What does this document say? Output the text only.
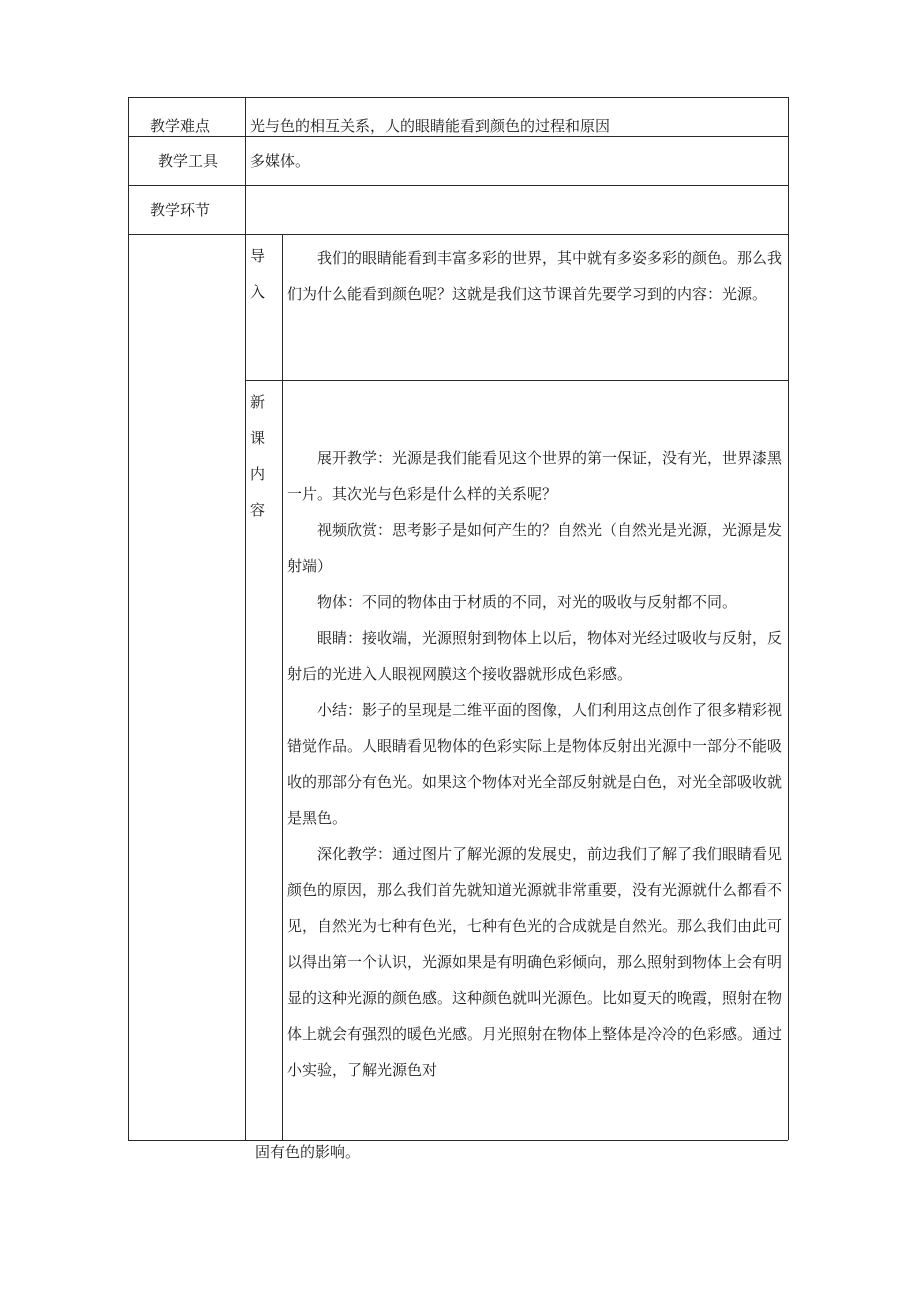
教学难点	光与色的相互关系，人的眼睛能看到颜色的过程和原因
教学工具 多媒体。
教学环节
导
入

我们的眼睛能看到丰富多彩的世界，其中就有多姿多彩的颜色。那么我们为什么能看到颜色呢？这就是我们这节课首先要学习到的内容：光源。

新
课
内
容

展开教学：光源是我们能看见这个世界的第一保证，没有光，世界漆黑一片。其次光与色彩是什么样的关系呢？

视频欣赏：思考影子是如何产生的？自然光（自然光是光源，光源是发射端）

物体：不同的物体由于材质的不同，对光的吸收与反射都不同。

眼睛：接收端，光源照射到物体上以后，物体对光经过吸收与反射，反射后的光进入人眼视网膜这个接收器就形成色彩感。

小结：影子的呈现是二维平面的图像，人们利用这点创作了很多精彩视错觉作品。人眼睛看见物体的色彩实际上是物体反射出光源中一部分不能吸收的那部分有色光。如果这个物体对光全部反射就是白色，对光全部吸收就是黑色。

深化教学：通过图片了解光源的发展史，前边我们了解了我们眼睛看见颜色的原因，那么我们首先就知道光源就非常重要，没有光源就什么都看不见，自然光为七种有色光，七种有色光的合成就是自然光。那么我们由此可以得出第一个认识，光源如果是有明确色彩倾向，那么照射到物体上会有明显的这种光源的颜色感。这种颜色就叫光源色。比如夏天的晚霞，照射在物体上就会有强烈的暖色光感。月光照射在物体上整体是冷冷的色彩感。通过小实验，了解光源色对

固有色的影响。
